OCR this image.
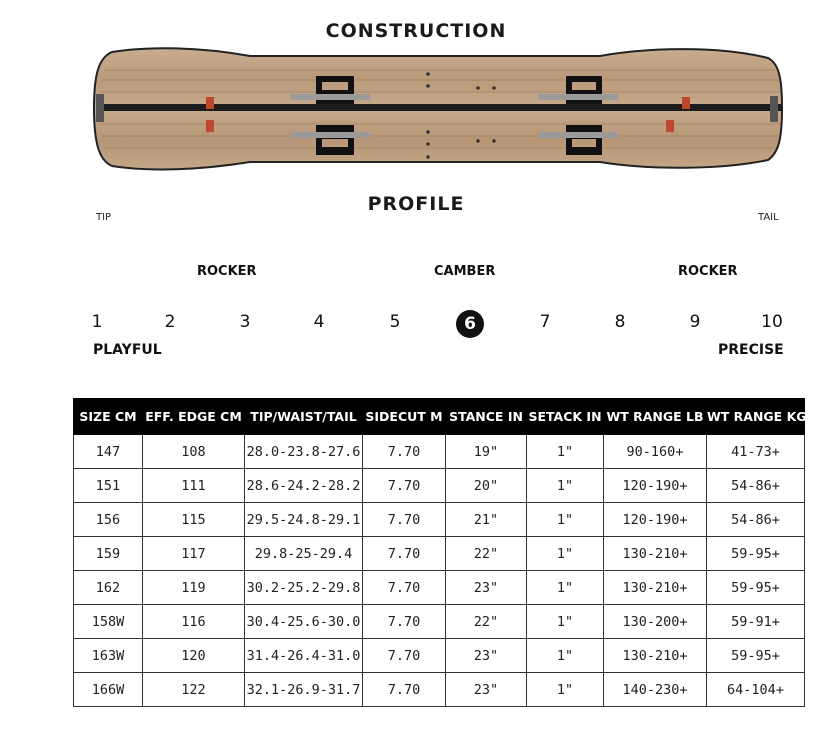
CONSTRUCTION
PROFILE
TIP	TAIL
ROCKER	CAMBER	ROCKER
1	2	3	4	5	6	7	8	9	10
PLAYFUL	PRECISE
SIZE CM	EFF. EDGE CM	TIP/WAIST/TAIL	SIDECUT M	STANCE IN	SETACK IN	WT RANGE LB	WT RANGE KG
147	108	28.0-23.8-27.6	7.70	19"	1"	90-160+	41-73+
151	111	28.6-24.2-28.2	7.70	20"	1"	120-190+	54-86+
156	115	29.5-24.8-29.1	7.70	21"	1"	120-190+	54-86+
159	117	29.8-25-29.4	7.70	22"	1"	130-210+	59-95+
162	119	30.2-25.2-29.8	7.70	23"	1"	130-210+	59-95+
158W	116	30.4-25.6-30.0	7.70	22"	1"	130-200+	59-91+
163W	120	31.4-26.4-31.0	7.70	23"	1"	130-210+	59-95+
166W	122	32.1-26.9-31.7	7.70	23"	1"	140-230+	64-104+
